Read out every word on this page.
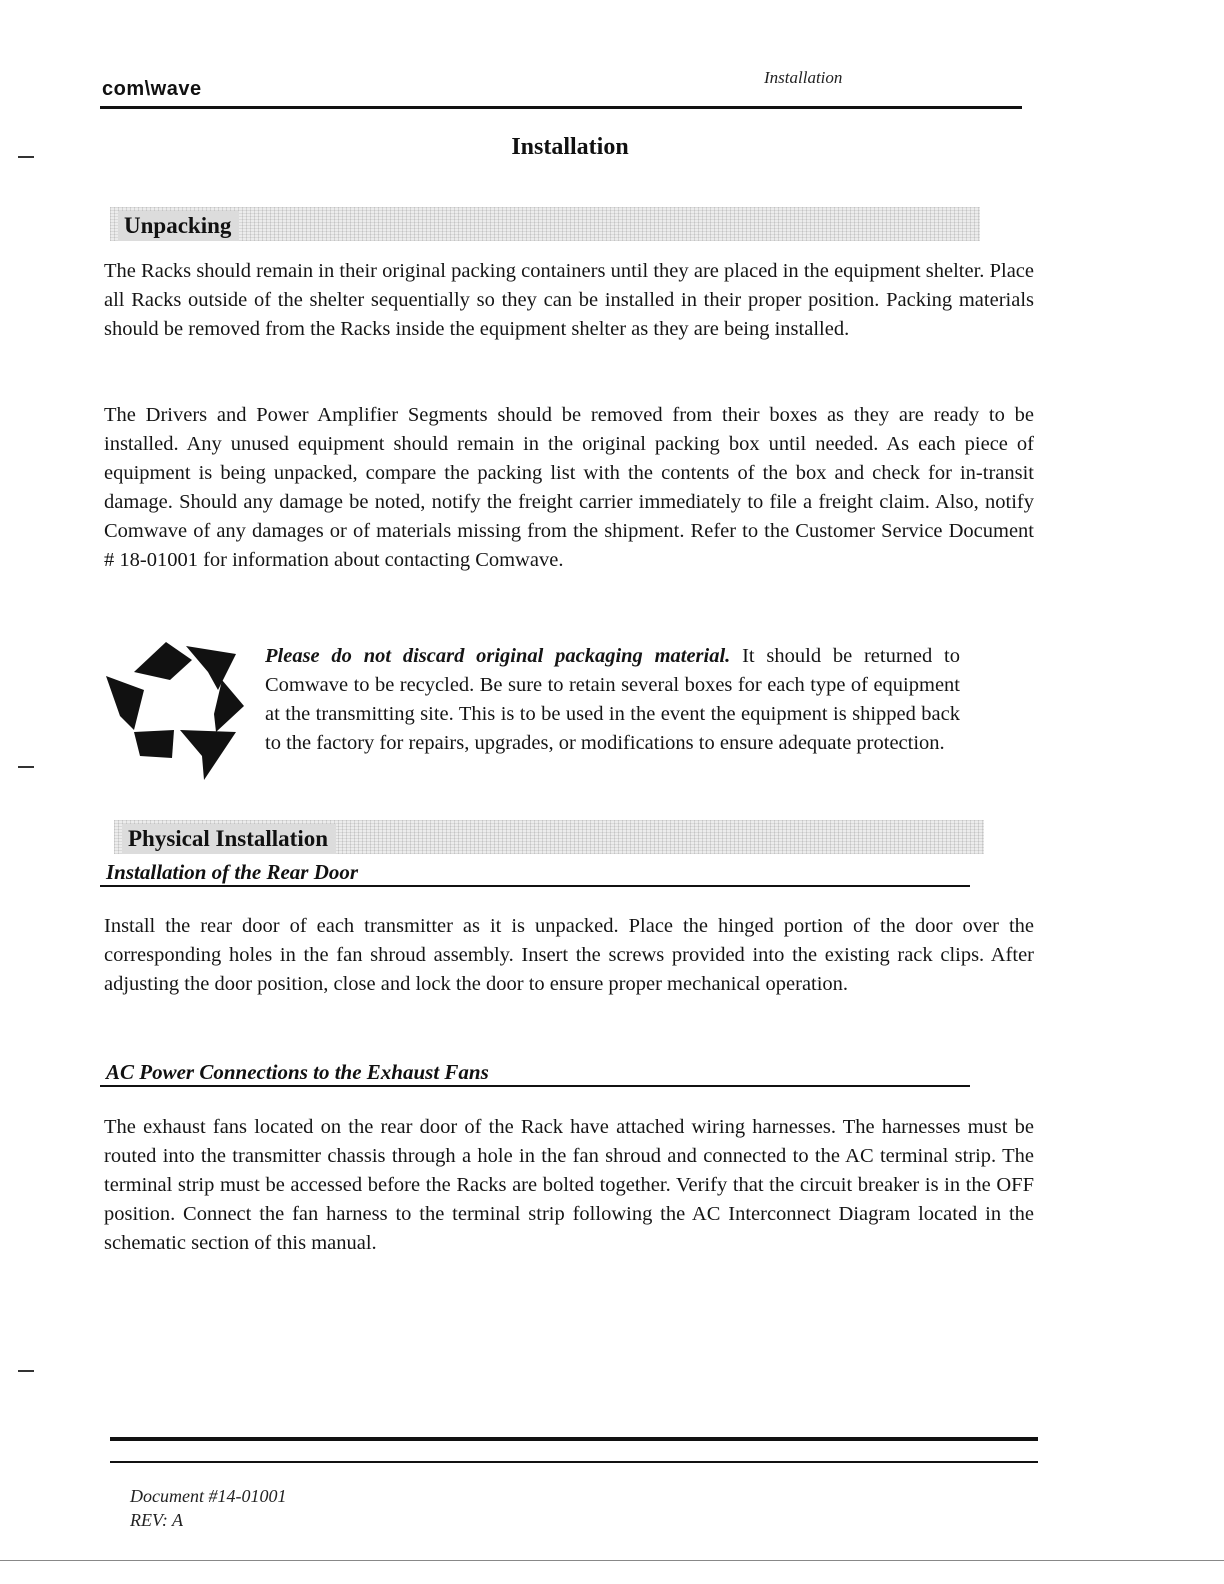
com\wave
Installation
Installation
Unpacking
The Racks should remain in their original packing containers until they are placed in the equipment shelter. Place all Racks outside of the shelter sequentially so they can be installed in their proper position. Packing materials should be removed from the Racks inside the equipment shelter as they are being installed.
The Drivers and Power Amplifier Segments should be removed from their boxes as they are ready to be installed. Any unused equipment should remain in the original packing box until needed. As each piece of equipment is being unpacked, compare the packing list with the contents of the box and check for in-transit damage. Should any damage be noted, notify the freight carrier immediately to file a freight claim. Also, notify Comwave of any damages or of materials missing from the shipment. Refer to the Customer Service Document # 18-01001 for information about contacting Comwave.
Please do not discard original packaging material. It should be returned to Comwave to be recycled. Be sure to retain several boxes for each type of equipment at the transmitting site. This is to be used in the event the equipment is shipped back to the factory for repairs, upgrades, or modifications to ensure adequate protection.
Physical Installation
Installation of the Rear Door
Install the rear door of each transmitter as it is unpacked. Place the hinged portion of the door over the corresponding holes in the fan shroud assembly. Insert the screws provided into the existing rack clips. After adjusting the door position, close and lock the door to ensure proper mechanical operation.
AC Power Connections to the Exhaust Fans
The exhaust fans located on the rear door of the Rack have attached wiring harnesses. The harnesses must be routed into the transmitter chassis through a hole in the fan shroud and connected to the AC terminal strip. The terminal strip must be accessed before the Racks are bolted together. Verify that the circuit breaker is in the OFF position. Connect the fan harness to the terminal strip following the AC Interconnect Diagram located in the schematic section of this manual.
Document #14-01001
REV: A
